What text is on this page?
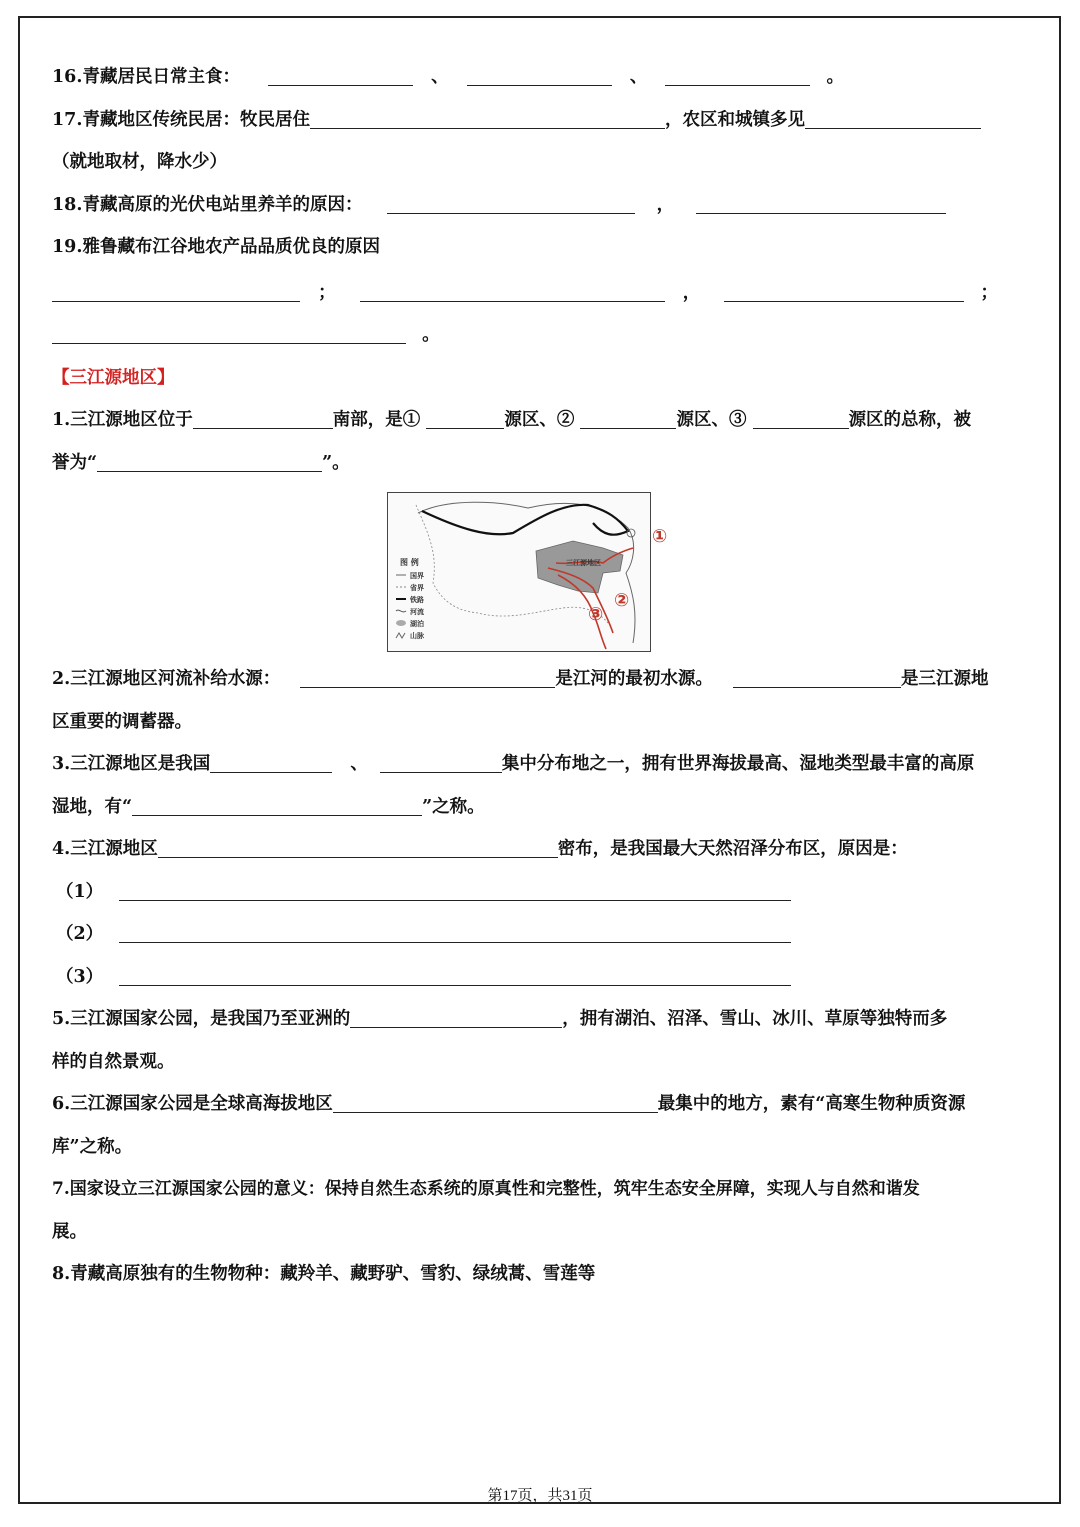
16.青藏居民日常主食：	、	、	。
17.青藏地区传统民居：牧民居住	，农区和城镇多见
（就地取材，降水少）
18.青藏高原的光伏电站里养羊的原因：	，
19.雅鲁藏布江谷地农产品品质优良的原因
；	，	；
。
【三江源地区】
1.三江源地区位于	南部，是①	源区、②	源区、③	源区的总称，被
誉为“	”。
图 例
国界
省界
铁路
河流
湖泊
山脉
三江源地区
①
②
③
2.三江源地区河流补给水源：	是江河的最初水源。	是三江源地
区重要的调蓄器。
3.三江源地区是我国	、	集中分布地之一，拥有世界海拔最高、湿地类型最丰富的高原
湿地，有“	”之称。
4.三江源地区	密布，是我国最大天然沼泽分布区，原因是：
（1）
（2）
（3）
5.三江源国家公园，是我国乃至亚洲的	，拥有湖泊、沼泽、雪山、冰川、草原等独特而多
样的自然景观。
6.三江源国家公园是全球高海拔地区	最集中的地方，素有“高寒生物种质资源
库”之称。
7.国家设立三江源国家公园的意义：保持自然生态系统的原真性和完整性，筑牢生态安全屏障，实现人与自然和谐发
展。
8.青藏高原独有的生物物种：藏羚羊、藏野驴、雪豹、绿绒蒿、雪莲等
第17页，共31页
